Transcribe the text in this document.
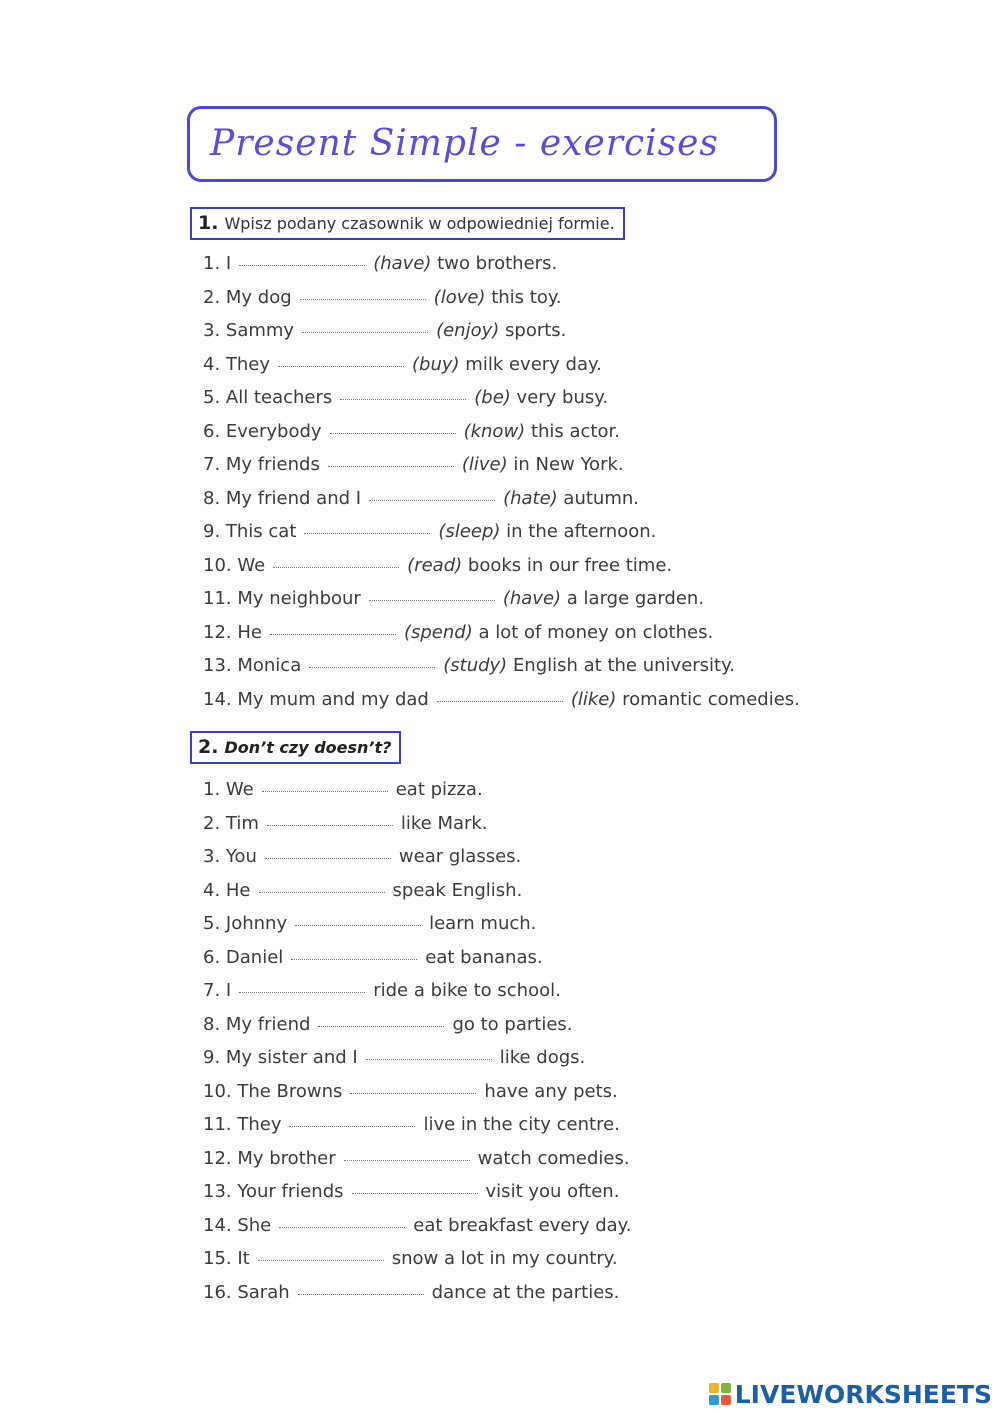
Present Simple - exercises
1. Wpisz podany czasownik w odpowiedniej formie.
1. I	(have) two brothers.
2. My dog	(love) this toy.
3. Sammy	(enjoy) sports.
4. They	(buy) milk every day.
5. All teachers	(be) very busy.
6. Everybody	(know) this actor.
7. My friends	(live) in New York.
8. My friend and I	(hate) autumn.
9. This cat	(sleep) in the afternoon.
10. We	(read) books in our free time.
11. My neighbour	(have) a large garden.
12. He	(spend) a lot of money on clothes.
13. Monica	(study) English at the university.
14. My mum and my dad	(like) romantic comedies.
2. Don’t czy doesn’t?
1. We	eat pizza.
2. Tim	like Mark.
3. You	wear glasses.
4. He	speak English.
5. Johnny	learn much.
6. Daniel	eat bananas.
7. I	ride a bike to school.
8. My friend	go to parties.
9. My sister and I	like dogs.
10. The Browns	have any pets.
11. They	live in the city centre.
12. My brother	watch comedies.
13. Your friends	visit you often.
14. She	eat breakfast every day.
15. It	snow a lot in my country.
16. Sarah	dance at the parties.
LIVEWORKSHEETS
